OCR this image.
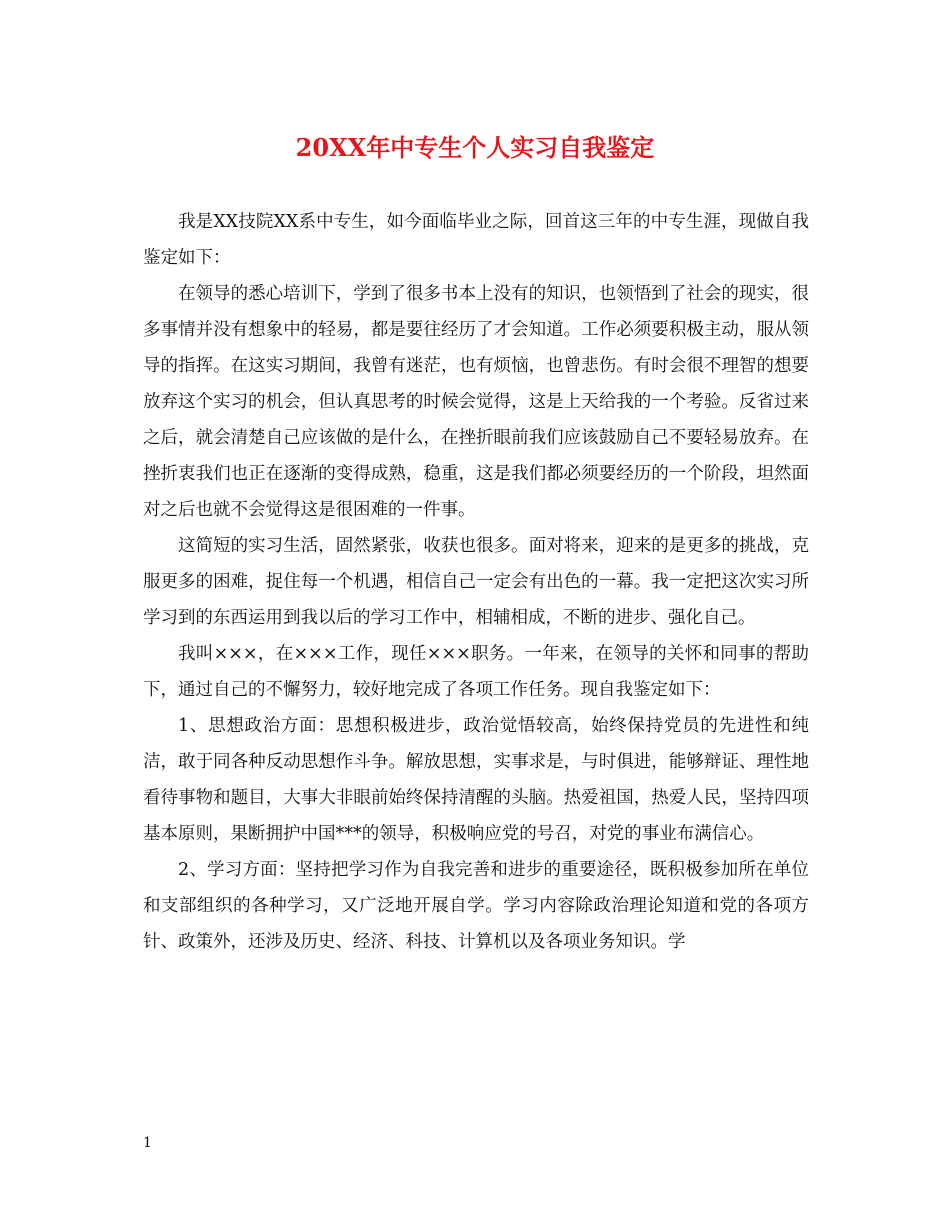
20XX年中专生个人实习自我鉴定

我是XX技院XX系中专生，如今面临毕业之际，回首这三年的中专生涯，现做自我鉴定如下：

在领导的悉心培训下，学到了很多书本上没有的知识，也领悟到了社会的现实，很多事情并没有想象中的轻易，都是要往经历了才会知道。工作必须要积极主动，服从领导的指挥。在这实习期间，我曾有迷茫，也有烦恼，也曾悲伤。有时会很不理智的想要放弃这个实习的机会，但认真思考的时候会觉得，这是上天给我的一个考验。反省过来之后，就会清楚自己应该做的是什么，在挫折眼前我们应该鼓励自己不要轻易放弃。在挫折衷我们也正在逐渐的变得成熟，稳重，这是我们都必须要经历的一个阶段，坦然面对之后也就不会觉得这是很困难的一件事。

这简短的实习生活，固然紧张，收获也很多。面对将来，迎来的是更多的挑战，克服更多的困难，捉住每一个机遇，相信自己一定会有出色的一幕。我一定把这次实习所学习到的东西运用到我以后的学习工作中，相辅相成，不断的进步、强化自己。

我叫×××，在×××工作，现任×××职务。一年来，在领导的关怀和同事的帮助下，通过自己的不懈努力，较好地完成了各项工作任务。现自我鉴定如下：

1、思想政治方面：思想积极进步，政治觉悟较高，始终保持党员的先进性和纯洁，敢于同各种反动思想作斗争。解放思想，实事求是，与时俱进，能够辩证、理性地看待事物和题目，大事大非眼前始终保持清醒的头脑。热爱祖国，热爱人民，坚持四项基本原则，果断拥护中国***的领导，积极响应党的号召，对党的事业布满信心。

2、学习方面：坚持把学习作为自我完善和进步的重要途径，既积极参加所在单位和支部组织的各种学习，又广泛地开展自学。学习内容除政治理论知道和党的各项方针、政策外，还涉及历史、经济、科技、计算机以及各项业务知识。学

1
